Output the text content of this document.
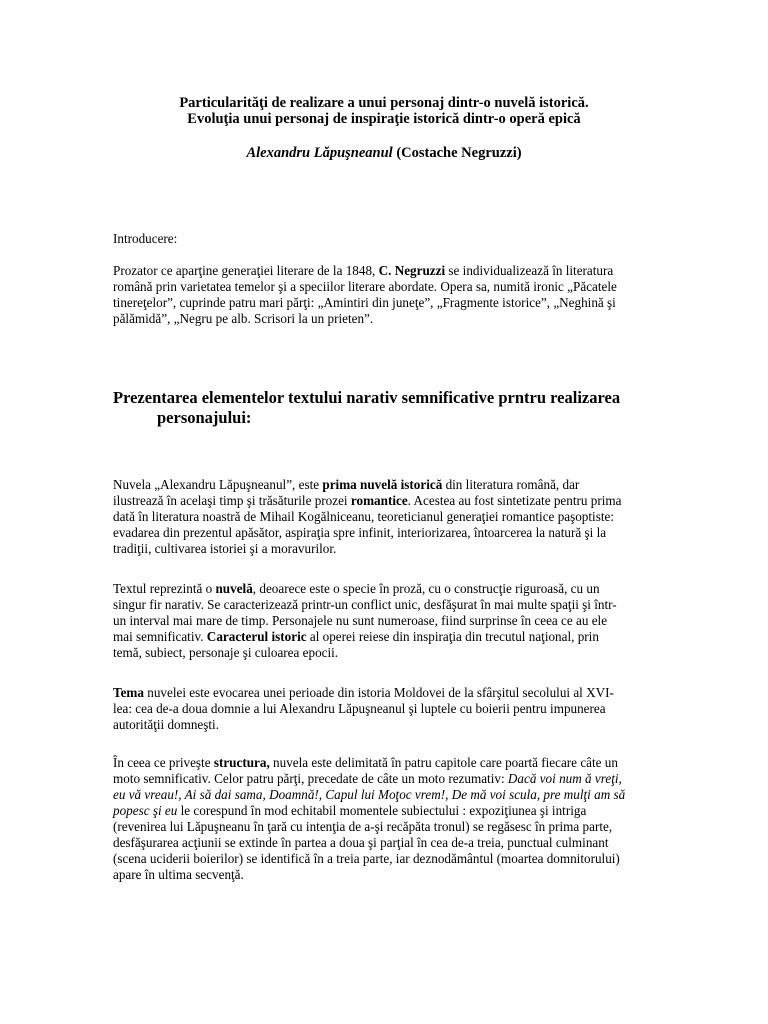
Particularităţi de realizare a unui personaj dintr-o nuvelă istorică.
Evoluţia unui personaj de inspiraţie istorică dintr-o operă epică
Alexandru Lăpuşneanul (Costache Negruzzi)
Introducere:
Prozator ce aparţine generaţiei literare de la 1848, C. Negruzzi se individualizează în literatura română prin varietatea temelor şi a speciilor literare abordate. Opera sa, numită ironic „Păcatele tinereţelor”, cuprinde patru mari părţi: „Amintiri din juneţe”, „Fragmente istorice”, „Neghină şi pălămidă”, „Negru pe alb. Scrisori la un prieten”.
Prezentarea elementelor textului narativ semnificative prntru realizarea
personajului:
Nuvela „Alexandru Lăpuşneanul”, este prima nuvelă istorică din literatura română, dar ilustrează în acelaşi timp şi trăsăturile prozei romantice. Acestea au fost sintetizate pentru prima dată în literatura noastră de Mihail Kogălniceanu, teoreticianul generaţiei romantice paşoptiste: evadarea din prezentul apăsător, aspiraţia spre infinit, interiorizarea, întoarcerea la natură şi la tradiţii, cultivarea istoriei şi a moravurilor.
Textul reprezintă o nuvelă, deoarece este o specie în proză, cu o construcţie riguroasă, cu un singur fir narativ. Se caracterizează printr-un conflict unic, desfăşurat în mai multe spaţii şi într-un interval mai mare de timp. Personajele nu sunt numeroase, fiind surprinse în ceea ce au ele mai semnificativ. Caracterul istoric al operei reiese din inspiraţia din trecutul naţional, prin temă, subiect, personaje şi culoarea epocii.
Tema nuvelei este evocarea unei perioade din istoria Moldovei de la sfârşitul secolului al XVI-lea: cea de-a doua domnie a lui Alexandru Lăpuşneanul şi luptele cu boierii pentru impunerea autorităţii domneşti.
În ceea ce priveşte structura, nuvela este delimitată în patru capitole care poartă fiecare câte un moto semnificativ. Celor patru părţi, precedate de câte un moto rezumativ: Dacă voi num ă vreţi, eu vă vreau!, Ai să dai sama, Doamnă!, Capul lui Moţoc vrem!, De mă voi scula, pre mulţi am să popesc şi eu le corespund în mod echitabil momentele subiectului : expoziţiunea şi intriga (revenirea lui Lăpuşneanu în ţară cu intenţia de a-şi recăpăta tronul) se regăsesc în prima parte, desfăşurarea acţiunii se extinde în partea a doua şi parţial în cea de-a treia, punctual culminant (scena uciderii boierilor) se identifică în a treia parte, iar deznodământul (moartea domnitorului) apare în ultima secvenţă.
